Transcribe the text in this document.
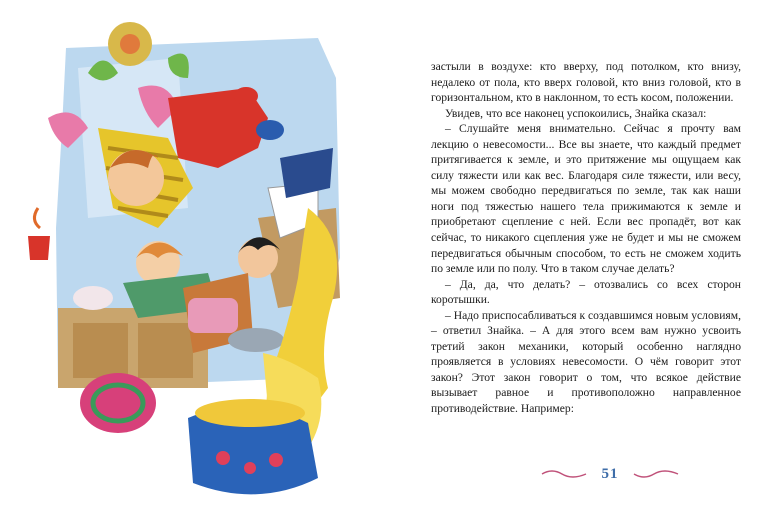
застыли в воздухе: кто вверху, под потолком, кто внизу, недалеко от пола, кто вверх головой, кто вниз головой, кто в горизонтальном, кто в наклонном, то есть косом, положении.

Увидев, что все наконец успокоились, Знайка сказал:

– Слушайте меня внимательно. Сейчас я прочту вам лекцию о невесомости... Все вы знаете, что каждый предмет притягивается к земле, и это притяжение мы ощущаем как силу тяжести или как вес. Благодаря силе тяжести, или весу, мы можем свободно передвигаться по земле, так как наши ноги под тяжестью нашего тела прижимаются к земле и приобретают сцепление с ней. Если вес пропадёт, вот как сейчас, то никакого сцепления уже не будет и мы не сможем передвигаться обычным способом, то есть не сможем ходить по земле или по полу. Что в таком случае делать?

– Да, да, что делать? – отозвались со всех сторон коротышки.

– Надо приспосабливаться к создавшимся новым условиям, – ответил Знайка. – А для этого всем вам нужно усвоить третий закон механики, который особенно наглядно проявляется в условиях невесомости. О чём говорит этот закон? Этот закон говорит о том, что всякое действие вызывает равное и противоположно направленное противодействие. Например:

51
